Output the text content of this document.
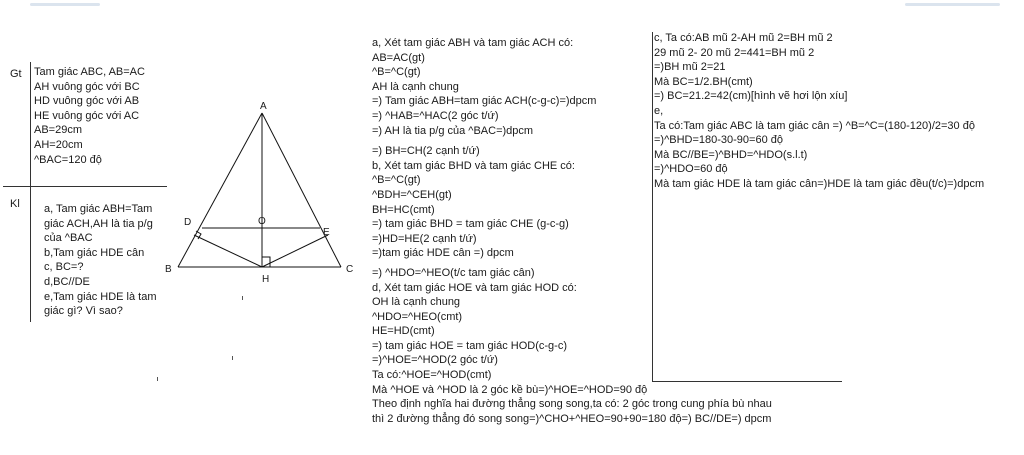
Gt
Kl
Tam giác ABC, AB=AC
AH vuông góc với BC
HD vuông góc với AB
HE vuông góc với AC
AB=29cm
AH=20cm
^BAC=120 độ
a, Tam giác ABH=Tam
giác ACH,AH là tia p/g
của ^BAC
b,Tam giác HDE cân
c, BC=?
d,BC//DE
e,Tam giác HDE là tam
giác gì? Vì sao?
A
B	C
D
E
O
H
a, Xét tam giác ABH và tam giác ACH có:
AB=AC(gt)
^B=^C(gt)
AH là cạnh chung
=) Tam giác ABH=tam giác ACH(c-g-c)=)dpcm
=) ^HAB=^HAC(2 góc t/ứ)
=) AH là tia p/g của ^BAC=)dpcm
=) BH=CH(2 cạnh t/ứ)
b, Xét tam giác BHD và tam giác CHE có:
^B=^C(gt)
^BDH=^CEH(gt)
BH=HC(cmt)
=) tam giác BHD = tam giác CHE (g-c-g)
=)HD=HE(2 cạnh t/ứ)
=)tam giác HDE cân =) dpcm
=) ^HDO=^HEO(t/c tam giác cân)
d, Xét tam giác HOE và tam giác HOD có:
OH là cạnh chung
^HDO=^HEO(cmt)
HE=HD(cmt)
=) tam giác HOE = tam giác HOD(c-g-c)
=)^HOE=^HOD(2 góc t/ứ)
Ta có:^HOE=^HOD(cmt)
Mà ^HOE và ^HOD là 2 góc kề bù=)^HOE=^HOD=90 độ
Theo định nghĩa hai đường thẳng song song,ta có: 2 góc trong cung phía bù nhau
thì 2 đường thẳng đó song song=)^CHO+^HEO=90+90=180 độ=) BC//DE=) dpcm
c, Ta có:AB mũ 2-AH mũ 2=BH mũ 2
29 mũ 2- 20 mũ 2=441=BH mũ 2
=)BH mũ 2=21
Mà BC=1/2.BH(cmt)
=) BC=21.2=42(cm)[hình vẽ hơi lộn xíu]
e,
Ta có:Tam giác ABC là tam giác cân =) ^B=^C=(180-120)/2=30 độ
=)^BHD=180-30-90=60 độ
Mà BC//BE=)^BHD=^HDO(s.l.t)
=)^HDO=60 độ
Mà tam giác HDE là tam giác cân=)HDE là tam giác đều(t/c)=)dpcm
